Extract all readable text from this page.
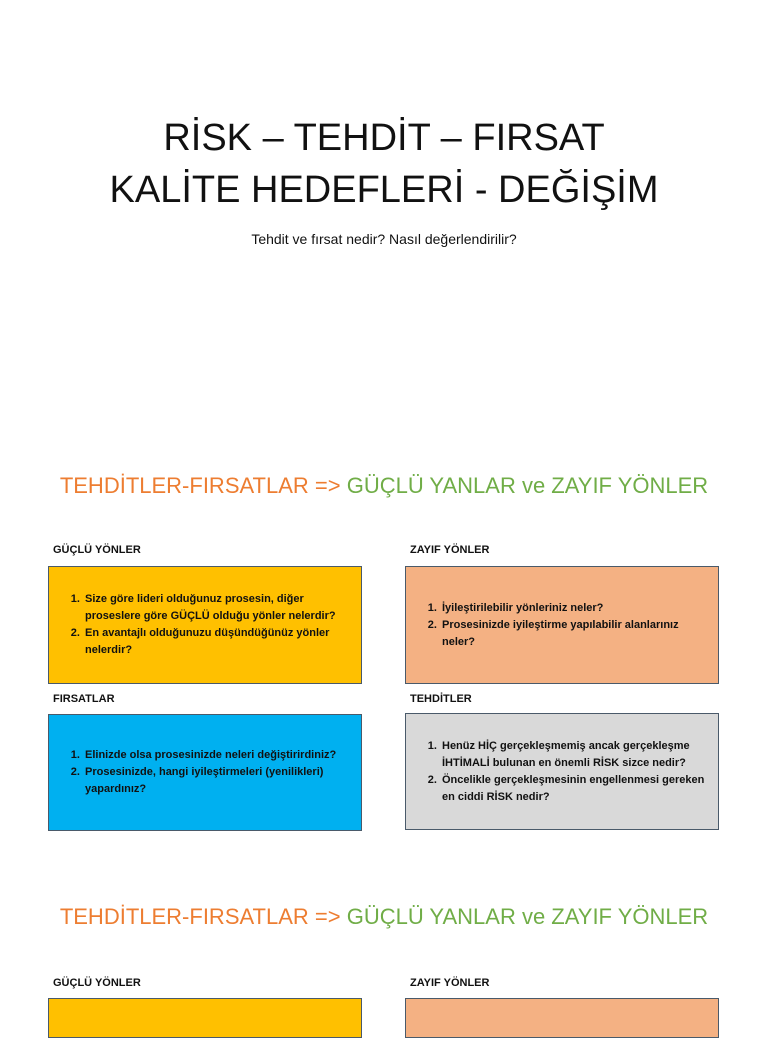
RİSK – TEHDİT – FIRSAT
KALİTE HEDEFLERİ - DEĞİŞİM
Tehdit ve fırsat nedir? Nasıl değerlendirilir?
TEHDİTLER-FIRSATLAR => GÜÇLÜ YANLAR ve ZAYIF YÖNLER
GÜÇLÜ YÖNLER	ZAYIF YÖNLER
1. Size göre lideri olduğunuz prosesin, diğer proseslere göre GÜÇLÜ olduğu yönler nelerdir?
2. En avantajlı olduğunuzu düşündüğünüz yönler nelerdir?
1. İyileştirilebilir yönleriniz neler?
2. Prosesinizde iyileştirme yapılabilir alanlarınız neler?
FIRSATLAR	TEHDİTLER
1. Elinizde olsa prosesinizde neleri değiştirirdiniz?
2. Prosesinizde, hangi iyileştirmeleri (yenilikleri) yapardınız?
1. Henüz HİÇ gerçekleşmemiş ancak gerçekleşme İHTİMALİ bulunan en önemli RİSK sizce nedir?
2. Öncelikle gerçekleşmesinin engellenmesi gereken en ciddi RİSK nedir?
TEHDİTLER-FIRSATLAR => GÜÇLÜ YANLAR ve ZAYIF YÖNLER
GÜÇLÜ YÖNLER	ZAYIF YÖNLER
